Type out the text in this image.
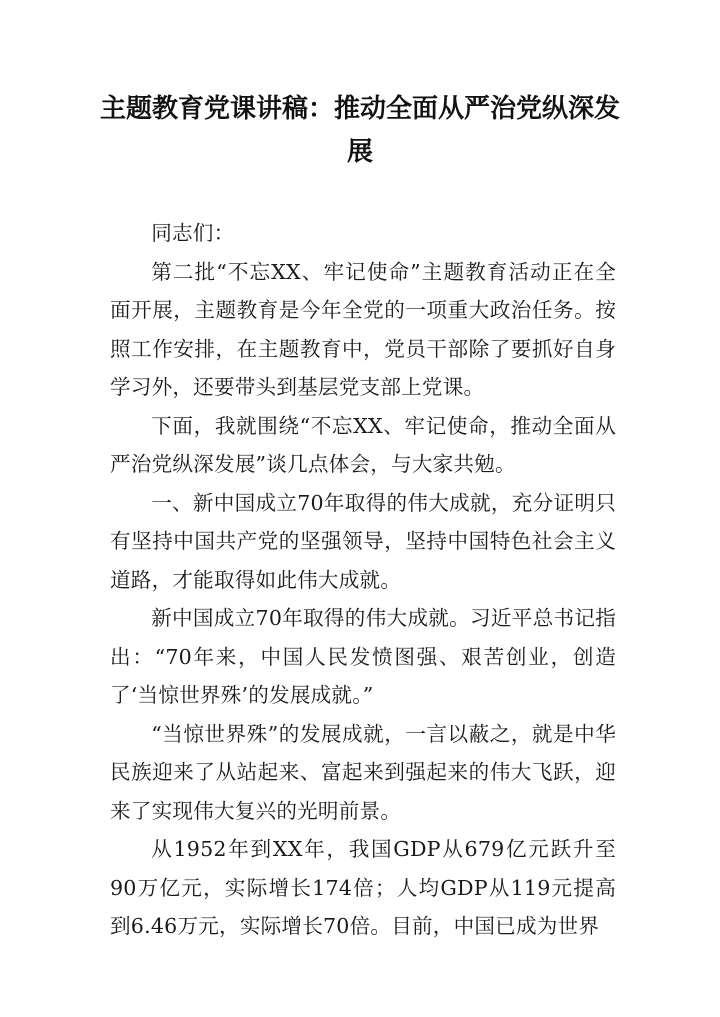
主题教育党课讲稿：推动全面从严治党纵深发展

同志们：

第二批“不忘XX、牢记使命”主题教育活动正在全面开展，主题教育是今年全党的一项重大政治任务。按照工作安排，在主题教育中，党员干部除了要抓好自身学习外，还要带头到基层党支部上党课。

下面，我就围绕“不忘XX、牢记使命，推动全面从严治党纵深发展”谈几点体会，与大家共勉。

一、新中国成立70年取得的伟大成就，充分证明只有坚持中国共产党的坚强领导，坚持中国特色社会主义道路，才能取得如此伟大成就。

新中国成立70年取得的伟大成就。习近平总书记指出：“70年来，中国人民发愤图强、艰苦创业，创造了‘当惊世界殊’的发展成就。”

“当惊世界殊”的发展成就，一言以蔽之，就是中华民族迎来了从站起来、富起来到强起来的伟大飞跃，迎来了实现伟大复兴的光明前景。

从1952年到XX年，我国GDP从679亿元跃升至90万亿元，实际增长174倍；人均GDP从119元提高到6.46万元，实际增长70倍。目前，中国已成为世界
